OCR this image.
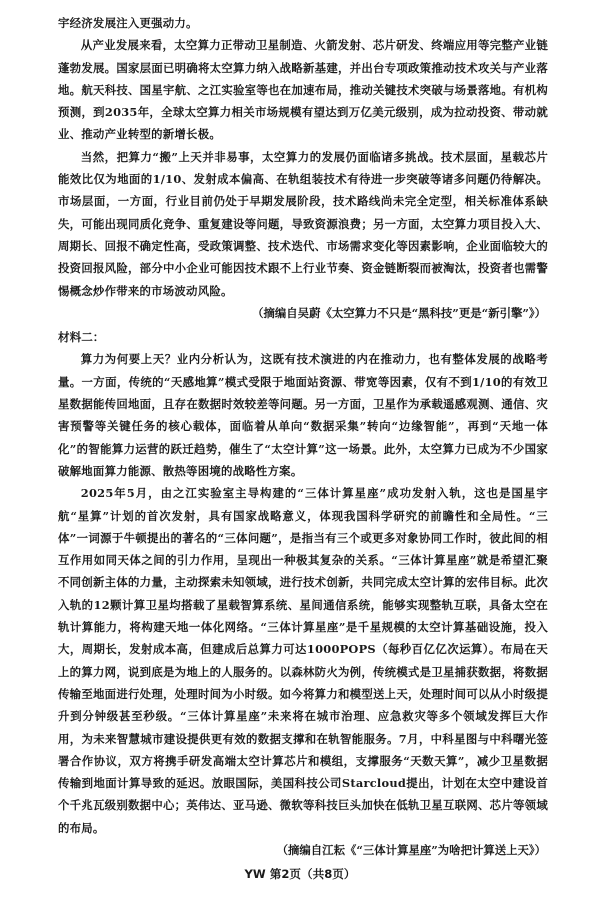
宇经济发展注入更强动力。

从产业发展来看，太空算力正带动卫星制造、火箭发射、芯片研发、终端应用等完整产业链蓬勃发展。国家层面已明确将太空算力纳入战略新基建，并出台专项政策推动技术攻关与产业落地。航天科技、国星宇航、之江实验室等也在加速布局，推动关键技术突破与场景落地。有机构预测，到2035年，全球太空算力相关市场规模有望达到万亿美元级别，成为拉动投资、带动就业、推动产业转型的新增长极。

当然，把算力“搬”上天并非易事，太空算力的发展仍面临诸多挑战。技术层面，星载芯片能效比仅为地面的1/10、发射成本偏高、在轨组装技术有待进一步突破等诸多问题仍待解决。市场层面，一方面，行业目前仍处于早期发展阶段，技术路线尚未完全定型，相关标准体系缺失，可能出现同质化竞争、重复建设等问题，导致资源浪费；另一方面，太空算力项目投入大、周期长、回报不确定性高，受政策调整、技术迭代、市场需求变化等因素影响，企业面临较大的投资回报风险，部分中小企业可能因技术跟不上行业节奏、资金链断裂而被淘汰，投资者也需警惕概念炒作带来的市场波动风险。

（摘编自吴蔚《太空算力不只是“黑科技”更是“新引擎”》）

材料二：

算力为何要上天？业内分析认为，这既有技术演进的内在推动力，也有整体发展的战略考量。一方面，传统的“天感地算”模式受限于地面站资源、带宽等因素，仅有不到1/10的有效卫星数据能传回地面，且存在数据时效较差等问题。另一方面，卫星作为承载遥感观测、通信、灾害预警等关键任务的核心载体，面临着从单向“数据采集”转向“边缘智能”，再到“天地一体化”的智能算力运营的跃迁趋势，催生了“太空计算”这一场景。此外，太空算力已成为不少国家破解地面算力能源、散热等困境的战略性方案。

2025年5月，由之江实验室主导构建的“三体计算星座”成功发射入轨，这也是国星宇航“星算”计划的首次发射，具有国家战略意义，体现我国科学研究的前瞻性和全局性。“三体”一词源于牛顿提出的著名的“三体问题”，是指当有三个或更多对象协同工作时，彼此间的相互作用如同天体之间的引力作用，呈现出一种极其复杂的关系。“三体计算星座”就是希望汇聚不同创新主体的力量，主动探索未知领域，进行技术创新，共同完成太空计算的宏伟目标。此次入轨的12颗计算卫星均搭载了星载智算系统、星间通信系统，能够实现整轨互联，具备太空在轨计算能力，将构建天地一体化网络。“三体计算星座”是千星规模的太空计算基础设施，投入大，周期长，发射成本高，但建成后总算力可达1000POPS（每秒百亿亿次运算）。布局在天上的算力网，说到底是为地上的人服务的。以森林防火为例，传统模式是卫星捕获数据，将数据传输至地面进行处理，处理时间为小时级。如今将算力和模型送上天，处理时间可以从小时级提升到分钟级甚至秒级。“三体计算星座”未来将在城市治理、应急救灾等多个领域发挥巨大作用，为未来智慧城市建设提供更有效的数据支撑和在轨智能服务。7月，中科星图与中科曙光签署合作协议，双方将携手研发高端太空计算芯片和模组，支撑服务“天数天算”，减少卫星数据传输到地面计算导致的延迟。放眼国际，美国科技公司Starcloud提出，计划在太空中建设首个千兆瓦级别数据中心；英伟达、亚马逊、微软等科技巨头加快在低轨卫星互联网、芯片等领域的布局。

（摘编自江耘《“三体计算星座”为啥把计算送上天》）

YW 第2页（共8页）
